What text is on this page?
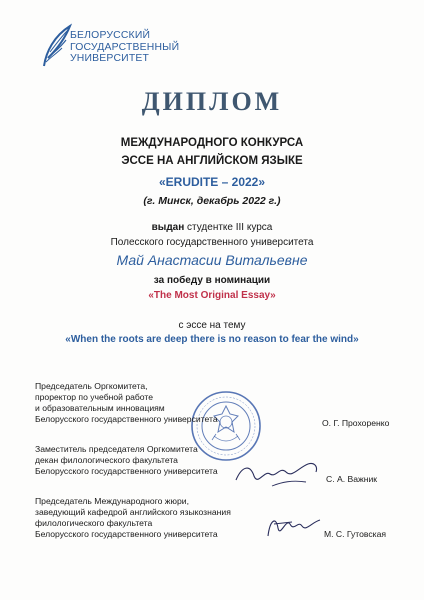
БЕЛОРУССКИЙ
ГОСУДАРСТВЕННЫЙ
УНИВЕРСИТЕТ
ДИПЛОМ
МЕЖДУНАРОДНОГО КОНКУРСА
ЭССЕ НА АНГЛИЙСКОМ ЯЗЫКЕ
«ERUDITE – 2022»
(г. Минск, декабрь 2022 г.)
выдан студентке III курса
Полесского государственного университета
Май Анастасии Витальевне
за победу в номинации
«The Most Original Essay»
с эссе на тему
«When the roots are deep there is no reason to fear the wind»
Председатель Оргкомитета,
проректор по учебной работе
и образовательным инновациям
Белорусского государственного университета	О. Г. Прохоренко
Заместитель председателя Оргкомитета
декан филологического факультета
Белорусского государственного университета
С. А. Важник
Председатель Международного жюри,
заведующий кафедрой английского языкознания
филологического факультета
Белорусского государственного университета	М. С. Гутовская
